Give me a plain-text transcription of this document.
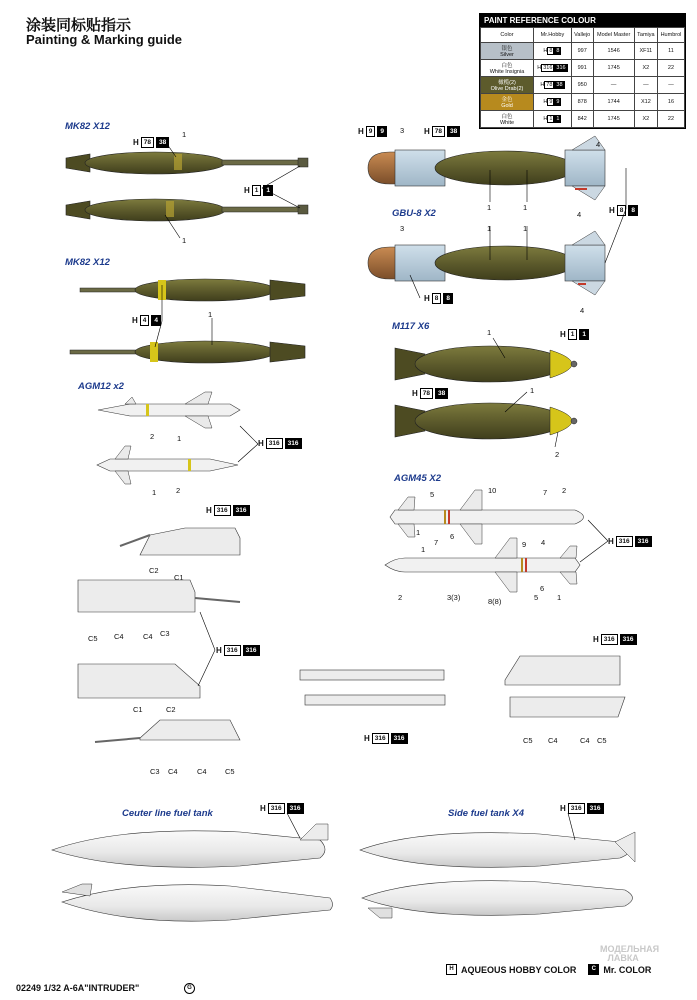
涂装同标贴指示
Painting & Marking guide
PAINT REFERENCE COLOUR
Color	Mr.Hobby	Vallejo	Model Master	Tamiya	Humbrol
银色
Silver	H 8 8	997	1546	XF11	11
白色
White Insignia	H 316 316	991	1745	X2	22
橄榄(2)
Olive Drab(2)	H 78 38	950	—	—	—
金色
Gold	H 9 9	878	1744	X12	16
白色
White	H 1 1	842	1745	X2	22
MK82 X12
MK82 X12
AGM12 x2
GBU-8 X2
M117 X6
AGM45 X2
Ceuter line fuel tank	Side fuel tank X4
H 78	38
H 1	1
H 4	4
H 316	316
H 9	9	H 78	38
H 8	8
H 8	8
H 1	1
H 78	38
H 316	316
H 316	316
H 316	316
H 316	316
H 316	316
H 316	316	H 316	316
1
1
1
2	1
1	2
3
4
1	1
4
3	1	1
4
1
1
2
5	10	7 2
1	6
7
1
9 4
2	3(3)	8(8)	5
6
1
C2
C1
C5 C4	C4 C3
C1	C2
C3 C4	C4 C5
C5 C4	C4 C5
02249 1/32 A-6A"INTRUDER"	G
H AQUEOUS HOBBY COLOR	C Mr. COLOR
МОДЕЛЬНАЯ
ЛАВКА
